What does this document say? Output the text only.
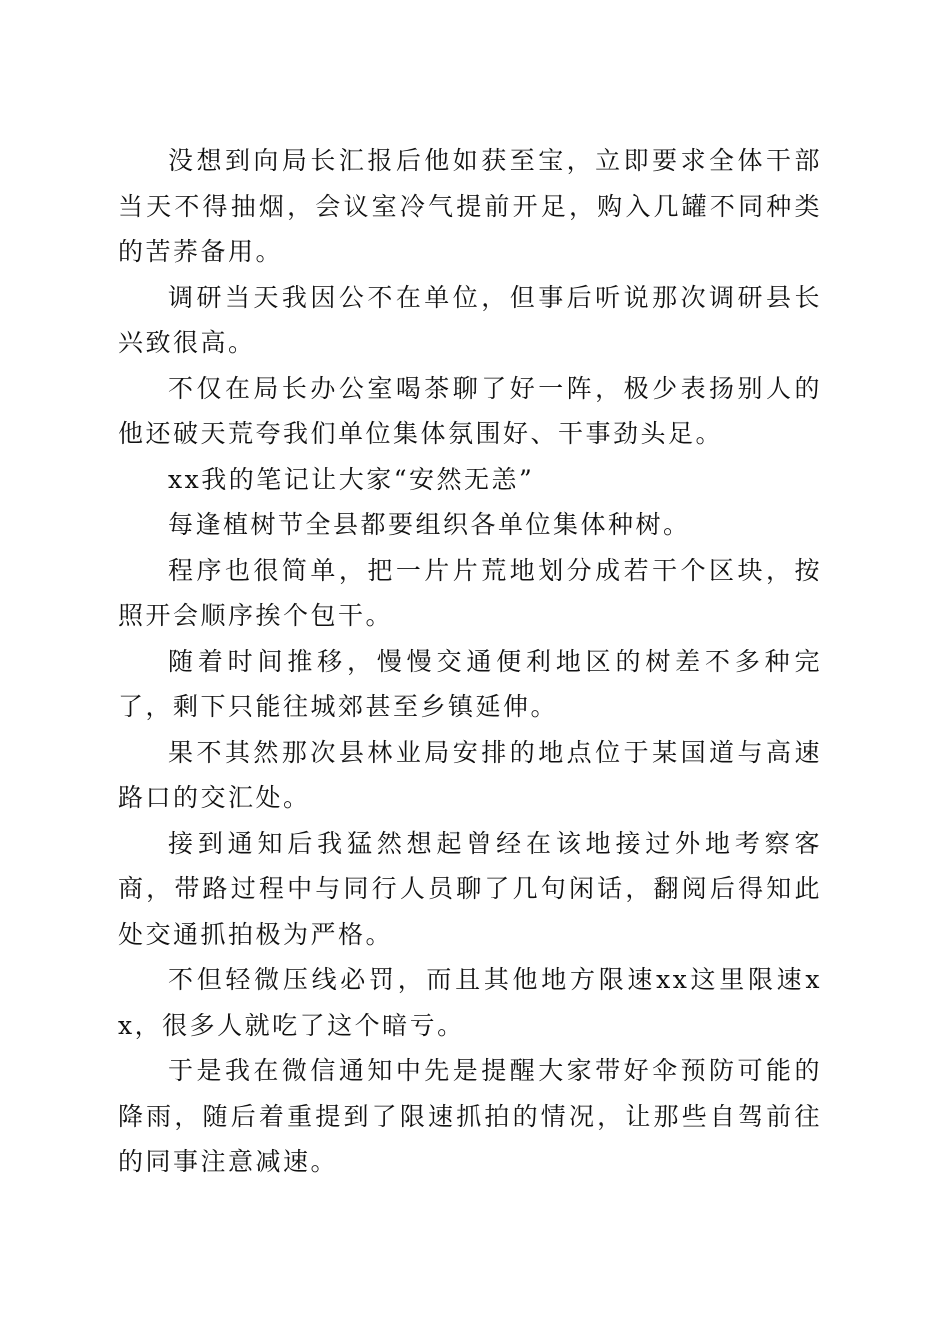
没想到向局长汇报后他如获至宝，立即要求全体干部当天不得抽烟，会议室冷气提前开足，购入几罐不同种类的苦荞备用。

调研当天我因公不在单位，但事后听说那次调研县长兴致很高。

不仅在局长办公室喝茶聊了好一阵，极少表扬别人的他还破天荒夸我们单位集体氛围好、干事劲头足。

xx我的笔记让大家“安然无恙”

每逢植树节全县都要组织各单位集体种树。

程序也很简单，把一片片荒地划分成若干个区块，按照开会顺序挨个包干。

随着时间推移，慢慢交通便利地区的树差不多种完了，剩下只能往城郊甚至乡镇延伸。

果不其然那次县林业局安排的地点位于某国道与高速路口的交汇处。

接到通知后我猛然想起曾经在该地接过外地考察客商，带路过程中与同行人员聊了几句闲话，翻阅后得知此处交通抓拍极为严格。

不但轻微压线必罚，而且其他地方限速xx这里限速xx，很多人就吃了这个暗亏。

于是我在微信通知中先是提醒大家带好伞预防可能的降雨，随后着重提到了限速抓拍的情况，让那些自驾前往的同事注意减速。
